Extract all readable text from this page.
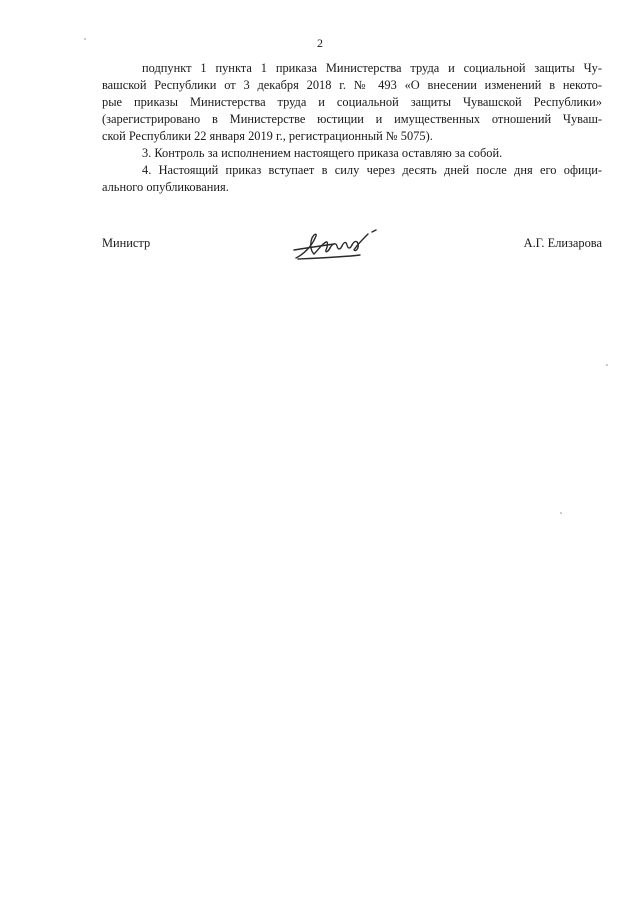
2
подпункт 1 пункта 1 приказа Министерства труда и социальной защиты Чу-
вашской Республики от 3 декабря 2018 г. № 493 «О внесении изменений в некото-
рые приказы Министерства труда и социальной защиты Чувашской Республики»
(зарегистрировано в Министерстве юстиции и имущественных отношений Чуваш-
ской Республики 22 января 2019 г., регистрационный № 5075).
3. Контроль за исполнением настоящего приказа оставляю за собой.
4. Настоящий приказ вступает в силу через десять дней после дня его офици-
ального опубликования.
Министр	А.Г. Елизарова
